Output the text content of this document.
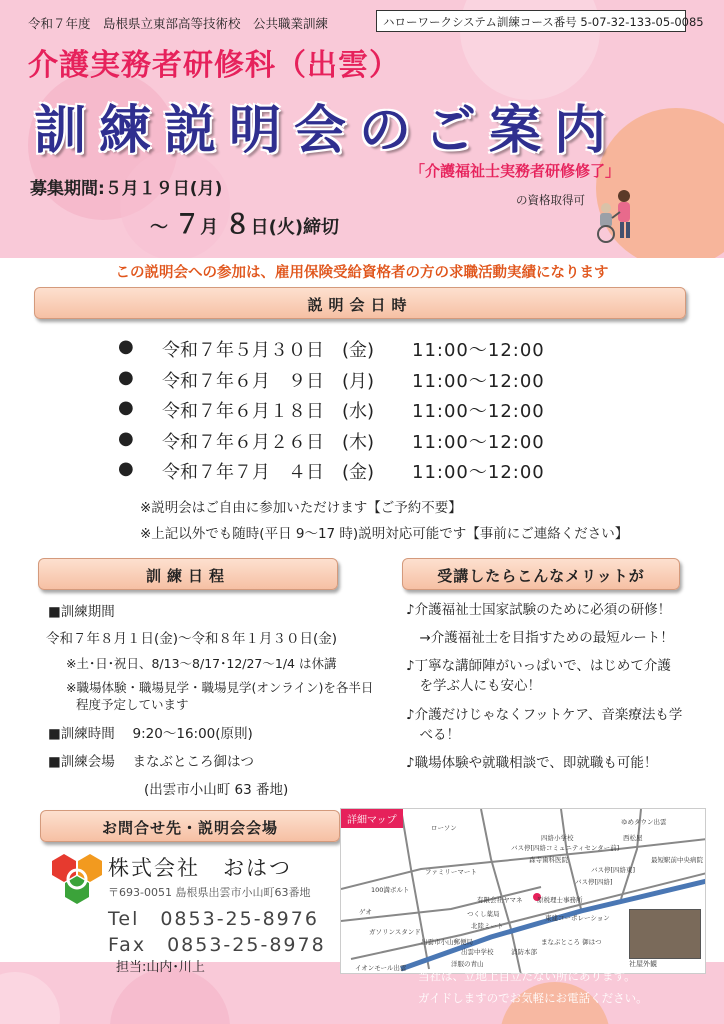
令和７年度　島根県立東部高等技術校　公共職業訓練	ハローワークシステム訓練コース番号 5-07-32-133-05-0085
介護実務者研修科（出雲）
訓練説明会のご案内
募集期間:５月１９日(月)
～ ７月 ８日(火)締切
「介護福祉士実務者研修修了」
の資格取得可
この説明会への参加は、雇用保険受給資格者の方の求職活動実績になります
説明会日時
●	令和７年５月３０日　(金)	11:00～12:00
●	令和７年６月　９日　(月)	11:00～12:00
●	令和７年６月１８日　(水)	11:00～12:00
●	令和７年６月２６日　(木)	11:00～12:00
●	令和７年７月　４日　(金)	11:00～12:00
※説明会はご自由に参加いただけます【ご予約不要】
※上記以外でも随時(平日 9～17 時)説明対応可能です【事前にご連絡ください】
訓練日程
■訓練期間
令和７年８月１日(金)～令和８年１月３０日(金)
※土･日･祝日、8/13～8/17･12/27～1/4 は休講
※職場体験・職場見学・職場見学(オンライン)を各半日
程度予定しています
■訓練時間　 9:20～16:00(原則)
■訓練会場　 まなぶところ御はつ
(出雲市小山町 63 番地)
受講したらこんなメリットが
♪介護福祉士国家試験のために必須の研修！
　→介護福祉士を目指すための最短ルート！
♪丁寧な講師陣がいっぱいで、はじめて介護
　を学ぶ人にも安心！
♪介護だけじゃなくフットケア、音楽療法も学
　べる！
♪職場体験や就職相談で、即就職も可能！
お問合せ先・説明会会場
株式会社　おはつ
〒693-0051 島根県出雲市小山町63番地
Tel　0853-25-8976
Fax　0853-25-8978
担当:山内･川上
詳細マップ
ローソン
ゆめタウン出雲
西松屋
四絡小学校
バス停[四絡コミュニティセンター前]
森寺歯科医院
バス停[四絡東]
ファミリーマート
バス停[四絡]
最短駅前中央病院
100満ボルト
有限会社ヤマネ 原税理士事務所
つくし薬局
ガソリンスタンド
ゲオ
北陸ミート
東建コーポレーション
出雲市小山郵便局	まなぶところ 御はつ
出雲中学校	消防本部
洋服の青山
イオンモール出雲	社屋外観
当社は、立地上目立たない所にあります。
ガイドしますのでお気軽にお電話ください。
